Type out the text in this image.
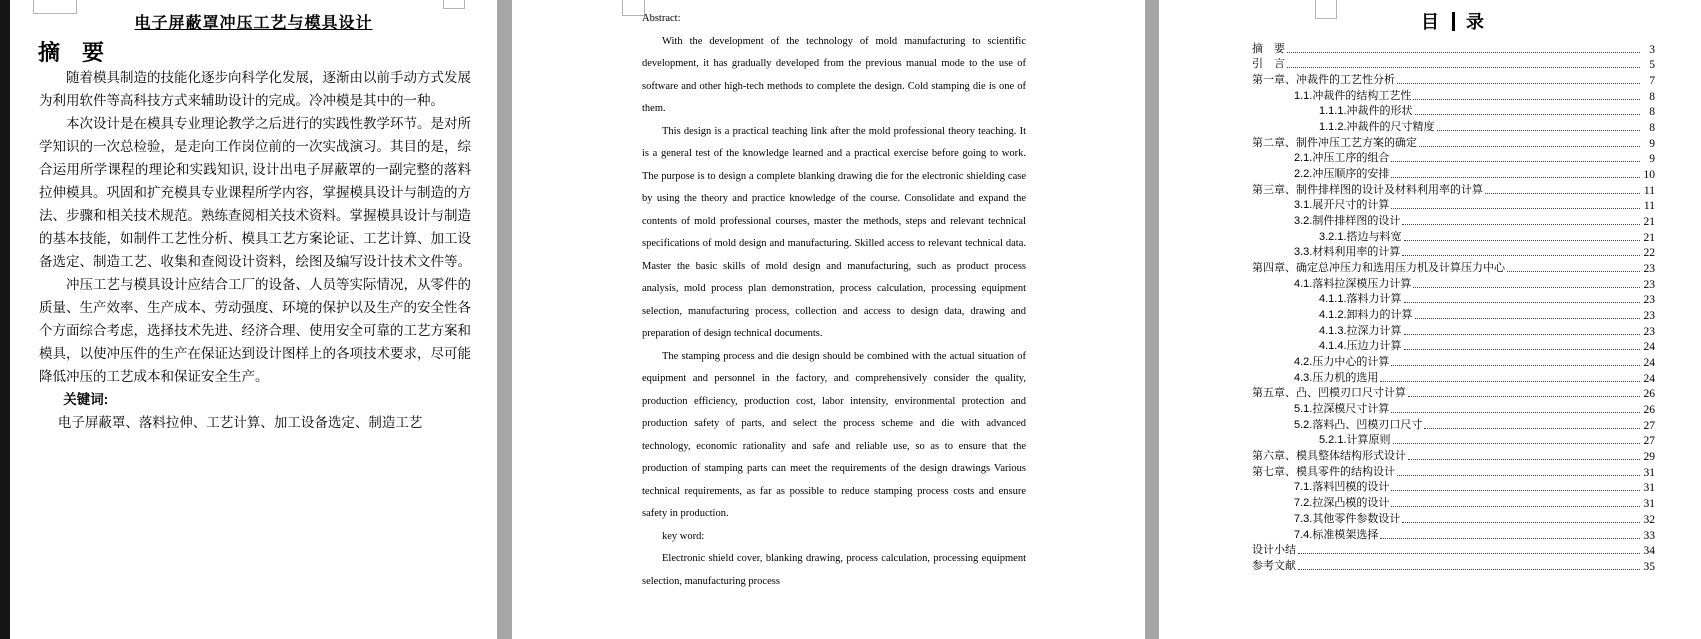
电子屏蔽罩冲压工艺与模具设计
摘　要

随着模具制造的技能化逐步向科学化发展，逐渐由以前手动方式发展为利用软件等高科技方式来辅助设计的完成。冷冲模是其中的一种。

本次设计是在模具专业理论教学之后进行的实践性教学环节。是对所学知识的一次总检验，是走向工作岗位前的一次实战演习。其目的是，综合运用所学课程的理论和实践知识, 设计出电子屏蔽罩的一副完整的落料拉伸模具。巩固和扩充模具专业课程所学内容，掌握模具设计与制造的方法、步骤和相关技术规范。熟练查阅相关技术资料。掌握模具设计与制造的基本技能，如制件工艺性分析、模具工艺方案论证、工艺计算、加工设备选定、制造工艺、收集和查阅设计资料，绘图及编写设计技术文件等。

冲压工艺与模具设计应结合工厂的设备、人员等实际情况，从零件的质量、生产效率、生产成本、劳动强度、环境的保护以及生产的安全性各个方面综合考虑，选择技术先进、经济合理、使用安全可靠的工艺方案和模具，以使冲压件的生产在保证达到设计图样上的各项技术要求，尽可能降低冲压的工艺成本和保证安全生产。

关键词:

电子屏蔽罩、落料拉伸、工艺计算、加工设备选定、制造工艺

Abstract:

With the development of the technology of mold manufacturing to scientific development, it has gradually developed from the previous manual mode to the use of software and other high-tech methods to complete the design. Cold stamping die is one of them.

This design is a practical teaching link after the mold professional theory teaching. It is a general test of the knowledge learned and a practical exercise before going to work. The purpose is to design a complete blanking drawing die for the electronic shielding case by using the theory and practice knowledge of the course. Consolidate and expand the contents of mold professional courses, master the methods, steps and relevant technical specifications of mold design and manufacturing. Skilled access to relevant technical data. Master the basic skills of mold design and manufacturing, such as product process analysis, mold process plan demonstration, process calculation, processing equipment selection, manufacturing process, collection and access to design data, drawing and preparation of design technical documents.

The stamping process and die design should be combined with the actual situation of equipment and personnel in the factory, and comprehensively consider the quality, production efficiency, production cost, labor intensity, environmental protection and production safety of parts, and select the process scheme and die with advanced technology, economic rationality and safe and reliable use, so as to ensure that the production of stamping parts can meet the requirements of the design drawings Various technical requirements, as far as possible to reduce stamping process costs and ensure safety in production.

key word:

Electronic shield cover, blanking drawing, process calculation, processing equipment selection, manufacturing process

目 录
摘　要	3
引　言	5
第一章、冲裁件的工艺性分析	7
1.1.冲裁件的结构工艺性	8
1.1.1.冲裁件的形状	8
1.1.2.冲裁件的尺寸精度	8
第二章、制件冲压工艺方案的确定	9
2.1.冲压工序的组合	9
2.2.冲压顺序的安排	10
第三章、制件排样图的设计及材料利用率的计算	11
3.1.展开尺寸的计算	11
3.2.制件排样图的设计	21
3.2.1.搭边与料宽	21
3.3.材料利用率的计算	22
第四章、确定总冲压力和选用压力机及计算压力中心	23
4.1.落料拉深模压力计算	23
4.1.1.落料力计算	23
4.1.2.卸料力的计算	23
4.1.3.拉深力计算	23
4.1.4.压边力计算	24
4.2.压力中心的计算	24
4.3.压力机的选用	24
第五章、凸、凹模刃口尺寸计算	26
5.1.拉深模尺寸计算	26
5.2.落料凸、凹模刃口尺寸	27
5.2.1.计算原则	27
第六章、模具整体结构形式设计	29
第七章、模具零件的结构设计	31
7.1.落料凹模的设计	31
7.2.拉深凸模的设计	31
7.3.其他零件参数设计	32
7.4.标准模架选择	33
设计小结	34
参考文献	35
